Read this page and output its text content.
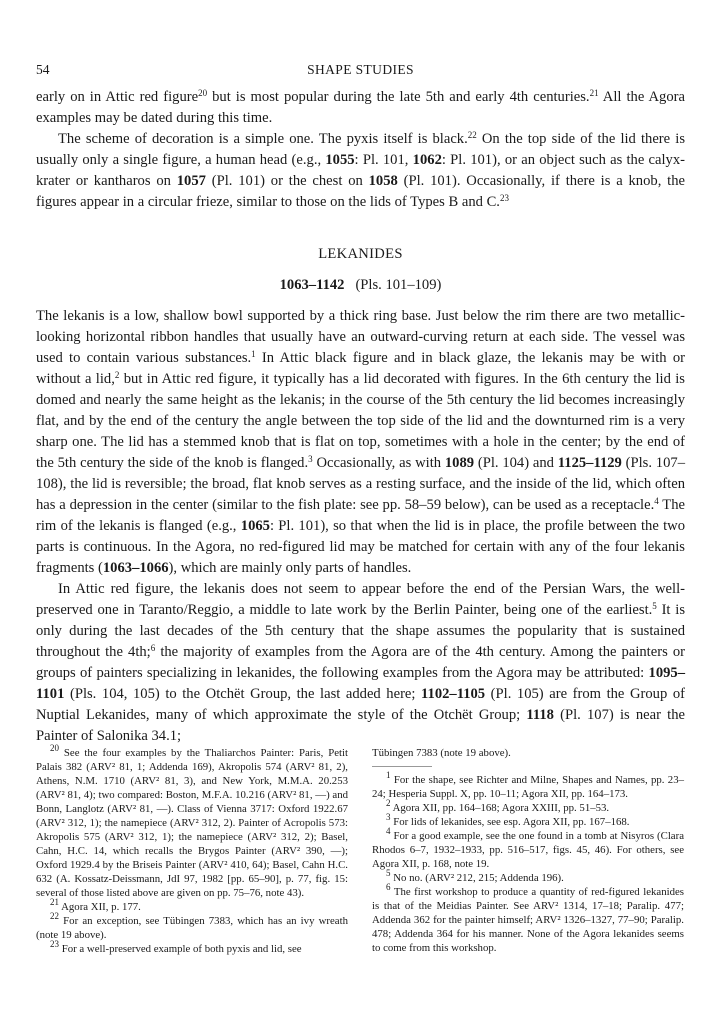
54	SHAPE STUDIES

early on in Attic red figure$^{20}$ but is most popular during the late 5th and early 4th centuries.$^{21}$ All the Agora examples may be dated during this time.

The scheme of decoration is a simple one. The pyxis itself is black.$^{22}$ On the top side of the lid there is usually only a single figure, a human head (e.g., 1055: Pl. 101, 1062: Pl. 101), or an object such as the calyx-krater or kantharos on 1057 (Pl. 101) or the chest on 1058 (Pl. 101). Occasionally, if there is a knob, the figures appear in a circular frieze, similar to those on the lids of Types B and C.$^{23}$

LEKANIDES
1063–1142 (Pls. 101–109)

The lekanis is a low, shallow bowl supported by a thick ring base. Just below the rim there are two metallic-looking horizontal ribbon handles that usually have an outward-curving return at each side. The vessel was used to contain various substances.$^1$ In Attic black figure and in black glaze, the lekanis may be with or without a lid,$^2$ but in Attic red figure, it typically has a lid decorated with figures. In the 6th century the lid is domed and nearly the same height as the lekanis; in the course of the 5th century the lid becomes increasingly flat, and by the end of the century the angle between the top side of the lid and the downturned rim is a very sharp one. The lid has a stemmed knob that is flat on top, sometimes with a hole in the center; by the end of the 5th century the side of the knob is flanged.$^3$ Occasionally, as with 1089 (Pl. 104) and 1125–1129 (Pls. 107–108), the lid is reversible; the broad, flat knob serves as a resting surface, and the inside of the lid, which often has a depression in the center (similar to the fish plate: see pp. 58–59 below), can be used as a receptacle.$^4$ The rim of the lekanis is flanged (e.g., 1065: Pl. 101), so that when the lid is in place, the profile between the two parts is continuous. In the Agora, no red-figured lid may be matched for certain with any of the four lekanis fragments (1063–1066), which are mainly only parts of handles.

In Attic red figure, the lekanis does not seem to appear before the end of the Persian Wars, the well-preserved one in Taranto/Reggio, a middle to late work by the Berlin Painter, being one of the earliest.$^5$ It is only during the last decades of the 5th century that the shape assumes the popularity that is sustained throughout the 4th;$^6$ the majority of examples from the Agora are of the 4th century. Among the painters or groups of painters specializing in lekanides, the following examples from the Agora may be attributed: 1095–1101 (Pls. 104, 105) to the Otchët Group, the last added here; 1102–1105 (Pl. 105) are from the Group of Nuptial Lekanides, many of which approximate the style of the Otchët Group; 1118 (Pl. 107) is near the Painter of Salonika 34.1;

$^{20}$ See the four examples by the Thaliarchos Painter: Paris, Petit Palais 382 (ARV² 81, 1; Addenda 169), Akropolis 574 (ARV² 81, 2), Athens, N.M. 1710 (ARV² 81, 3), and New York, M.M.A. 20.253 (ARV² 81, 4); two compared: Boston, M.F.A. 10.216 (ARV² 81, —) and Bonn, Langlotz (ARV² 81, —). Class of Vienna 3717: Oxford 1922.67 (ARV² 312, 1); the namepiece (ARV² 312, 2). Painter of Acropolis 573: Akropolis 575 (ARV² 312, 1); the namepiece (ARV² 312, 2); Basel, Cahn, H.C. 14, which recalls the Brygos Painter (ARV² 390, —); Oxford 1929.4 by the Briseis Painter (ARV² 410, 64); Basel, Cahn H.C. 632 (A. Kossatz-Deissmann, JdI 97, 1982 [pp. 65–90], p. 77, fig. 15: several of those listed above are given on pp. 75–76, note 43).

$^{21}$ Agora XII, p. 177.

$^{22}$ For an exception, see Tübingen 7383, which has an ivy wreath (note 19 above).

$^{23}$ For a well-preserved example of both pyxis and lid, see

Tübingen 7383 (note 19 above).

$^1$ For the shape, see Richter and Milne, Shapes and Names, pp. 23–24; Hesperia Suppl. X, pp. 10–11; Agora XII, pp. 164–173.

$^2$ Agora XII, pp. 164–168; Agora XXIII, pp. 51–53.

$^3$ For lids of lekanides, see esp. Agora XII, pp. 167–168.

$^4$ For a good example, see the one found in a tomb at Nisyros (Clara Rhodos 6–7, 1932–1933, pp. 516–517, figs. 45, 46). For others, see Agora XII, p. 168, note 19.

$^5$ No no. (ARV² 212, 215; Addenda 196).

$^6$ The first workshop to produce a quantity of red-figured lekanides is that of the Meidias Painter. See ARV² 1314, 17–18; Paralip. 477; Addenda 362 for the painter himself; ARV² 1326–1327, 77–90; Paralip. 478; Addenda 364 for his manner. None of the Agora lekanides seems to come from this workshop.
